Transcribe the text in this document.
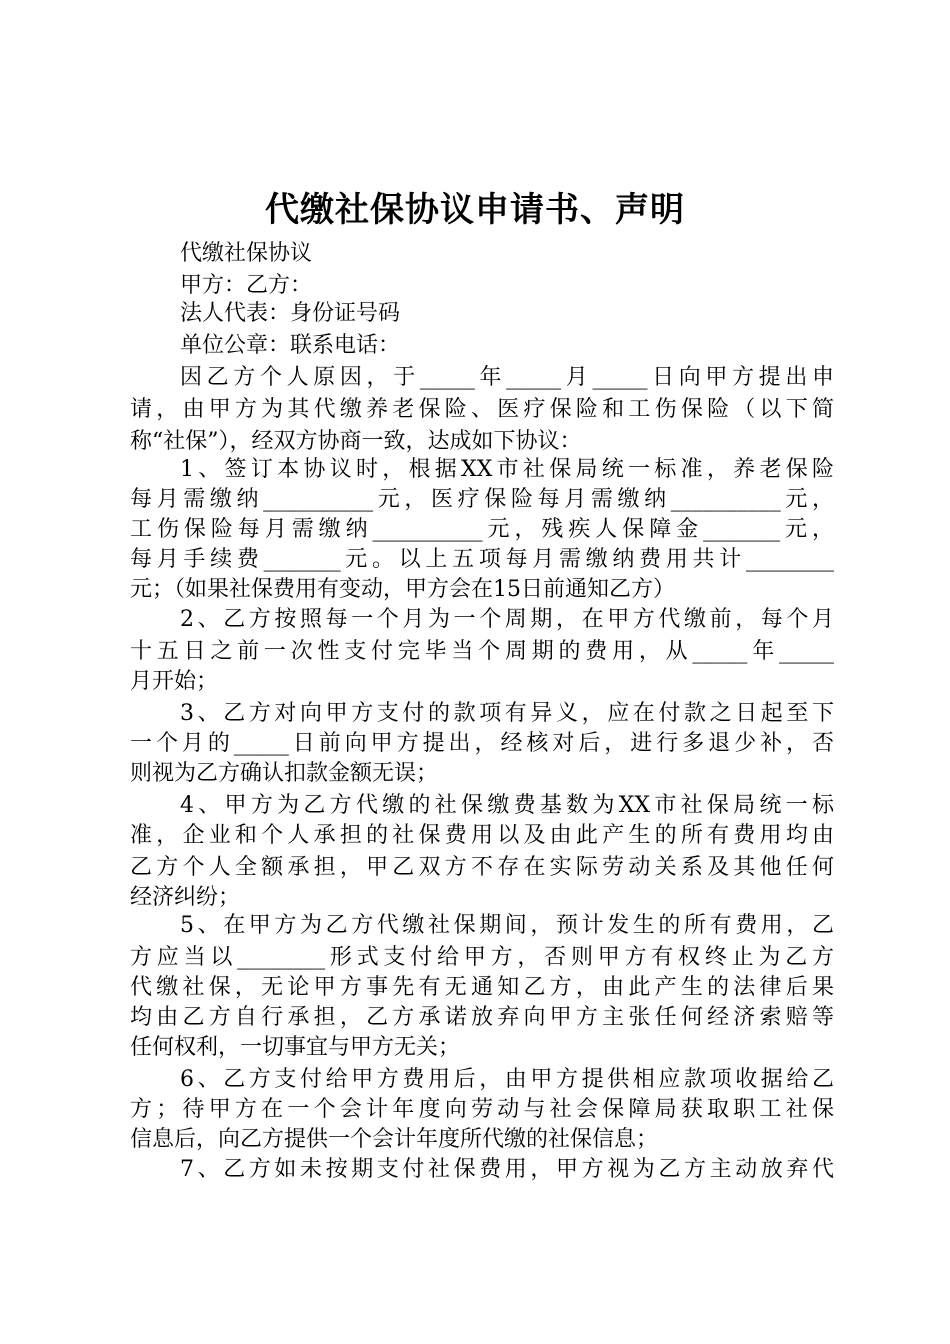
代缴社保协议申请书、声明
代缴社保协议
甲方：乙方：
法人代表：身份证号码
单位公章：联系电话：
因乙方个人原因，于_____年_____月_____日向甲方提出申
请，由甲方为其代缴养老保险、医疗保险和工伤保险（以下简
称“社保”），经双方协商一致，达成如下协议：
1、签订本协议时，根据XX市社保局统一标准，养老保险
每月需缴纳__________元，医疗保险每月需缴纳__________元，
工伤保险每月需缴纳__________元，残疾人保障金_______元，
每月手续费_______元。以上五项每月需缴纳费用共计________
元；（如果社保费用有变动，甲方会在15日前通知乙方）
2、乙方按照每一个月为一个周期，在甲方代缴前，每个月
十五日之前一次性支付完毕当个周期的费用，从_____年_____
月开始；
3、乙方对向甲方支付的款项有异义，应在付款之日起至下
一个月的_____日前向甲方提出，经核对后，进行多退少补，否
则视为乙方确认扣款金额无误；
4、甲方为乙方代缴的社保缴费基数为XX市社保局统一标
准，企业和个人承担的社保费用以及由此产生的所有费用均由
乙方个人全额承担，甲乙双方不存在实际劳动关系及其他任何
经济纠纷；
5、在甲方为乙方代缴社保期间，预计发生的所有费用，乙
方应当以________形式支付给甲方，否则甲方有权终止为乙方
代缴社保，无论甲方事先有无通知乙方，由此产生的法律后果
均由乙方自行承担，乙方承诺放弃向甲方主张任何经济索赔等
任何权利，一切事宜与甲方无关；
6、乙方支付给甲方费用后，由甲方提供相应款项收据给乙
方；待甲方在一个会计年度向劳动与社会保障局获取职工社保
信息后，向乙方提供一个会计年度所代缴的社保信息；
7、乙方如未按期支付社保费用，甲方视为乙方主动放弃代
